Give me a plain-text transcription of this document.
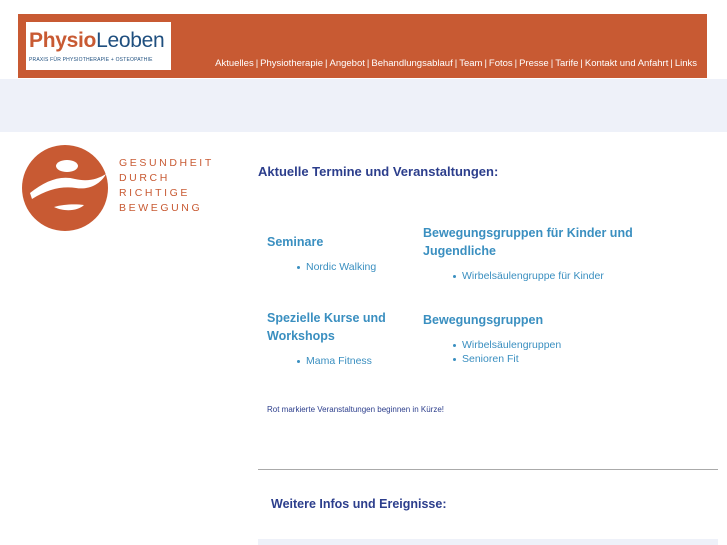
PhysioLeoben
PRAXIS FÜR PHYSIOTHERAPIE + OSTEOPATHIE	Aktuelles | Physiotherapie | Angebot | Behandlungsablauf | Team | Fotos | Presse | Tarife | Kontakt und Anfahrt | Links
GESUNDHEIT
DURCH
RICHTIGE
BEWEGUNG
Aktuelle Termine und Veranstaltungen:
Seminare
Nordic Walking
Bewegungsgruppen für Kinder und Jugendliche
Wirbelsäulengruppe für Kinder
Spezielle Kurse und Workshops
Mama Fitness
Bewegungsgruppen
Wirbelsäulengruppen
Senioren Fit
Rot markierte Veranstaltungen beginnen in Kürze!
Weitere Infos und Ereignisse:
